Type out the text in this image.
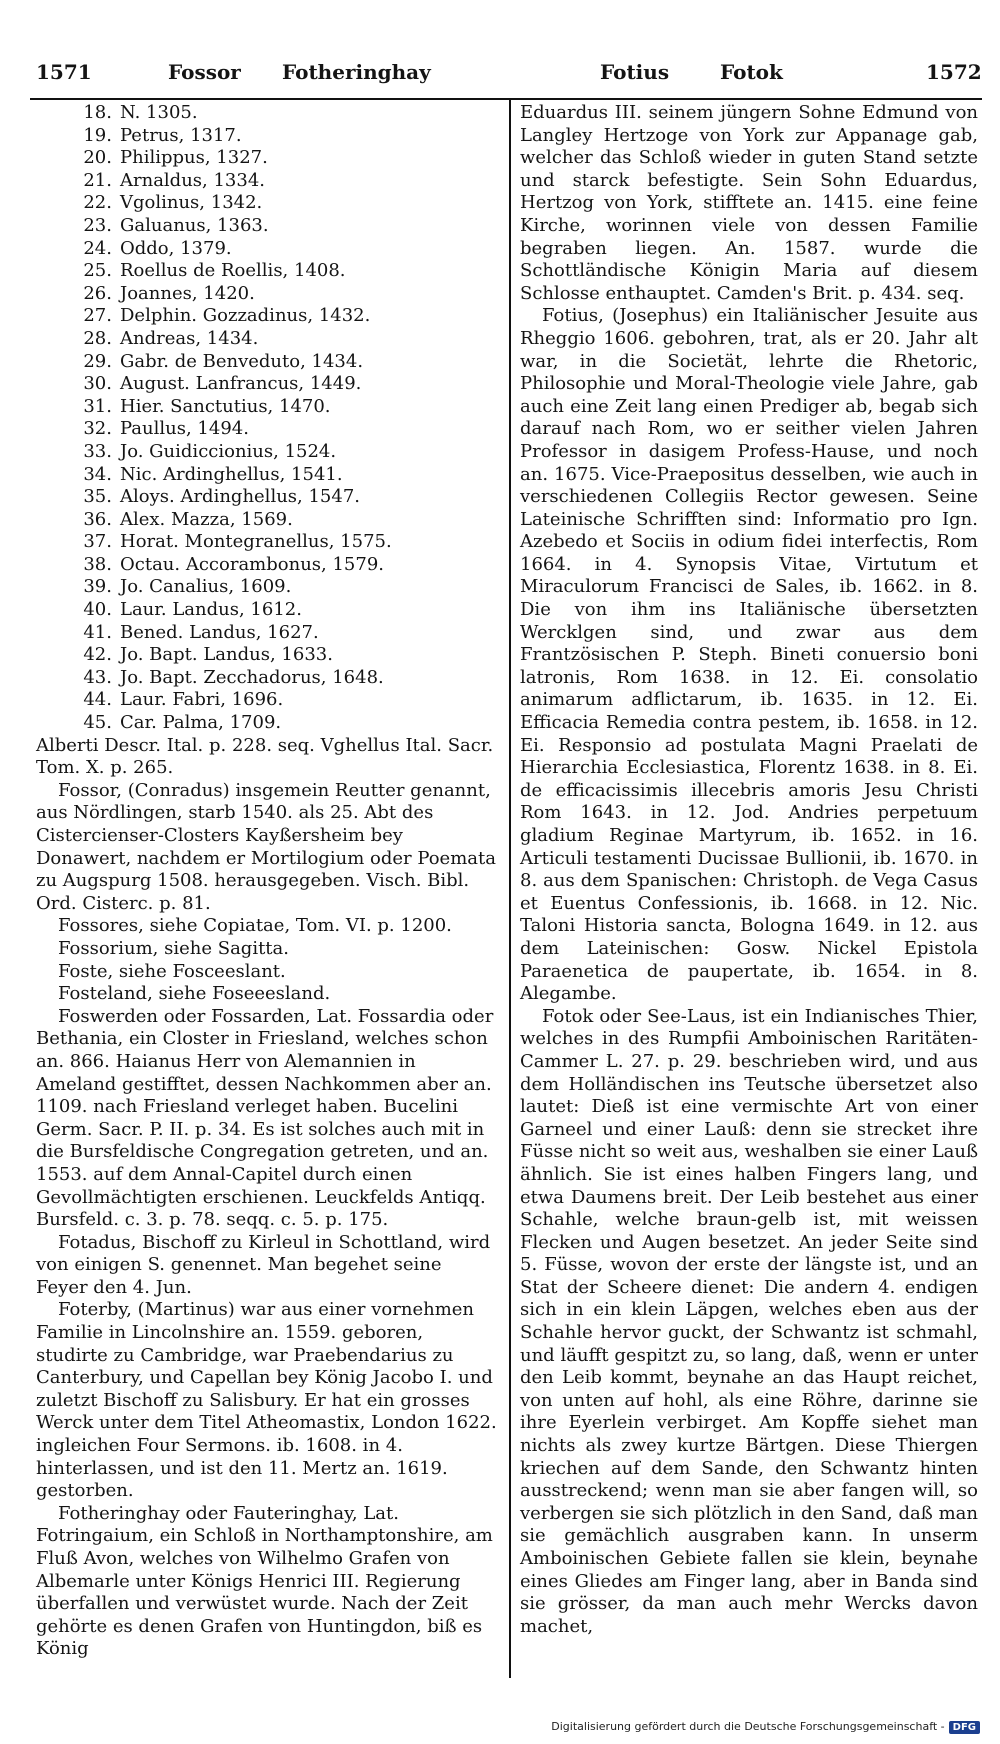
1571	Fossor Fotheringhay	Fotius	Fotok	1572
18. N. 1305.
19. Petrus, 1317.
20. Philippus, 1327.
21. Arnaldus, 1334.
22. Vgolinus, 1342.
23. Galuanus, 1363.
24. Oddo, 1379.
25. Roellus de Roellis, 1408.
26. Joannes, 1420.
27. Delphin. Gozzadinus, 1432.
28. Andreas, 1434.
29. Gabr. de Benveduto, 1434.
30. August. Lanfrancus, 1449.
31. Hier. Sanctutius, 1470.
32. Paullus, 1494.
33. Jo. Guidiccionius, 1524.
34. Nic. Ardinghellus, 1541.
35. Aloys. Ardinghellus, 1547.
36. Alex. Mazza, 1569.
37. Horat. Montegranellus, 1575.
38. Octau. Accorambonus, 1579.
39. Jo. Canalius, 1609.
40. Laur. Landus, 1612.
41. Bened. Landus, 1627.
42. Jo. Bapt. Landus, 1633.
43. Jo. Bapt. Zecchadorus, 1648.
44. Laur. Fabri, 1696.
45. Car. Palma, 1709.

Alberti Descr. Ital. p. 228. seq. Vghellus Ital. Sacr. Tom. X. p. 265.

Fossor, (Conradus) insgemein Reutter genannt, aus Nördlingen, starb 1540. als 25. Abt des Cistercienser-Closters Kayßersheim bey Donawert, nachdem er Mortilogium oder Poemata zu Augspurg 1508. herausgegeben. Visch. Bibl. Ord. Cisterc. p. 81.

Fossores, siehe Copiatae, Tom. VI. p. 1200.

Fossorium, siehe Sagitta.

Foste, siehe Fosceeslant.

Fosteland, siehe Foseeesland.

Foswerden oder Fossarden, Lat. Fossardia oder Bethania, ein Closter in Friesland, welches schon an. 866. Haianus Herr von Alemannien in Ameland gestifftet, dessen Nachkommen aber an. 1109. nach Friesland verleget haben. Bucelini Germ. Sacr. P. II. p. 34. Es ist solches auch mit in die Bursfeldische Congregation getreten, und an. 1553. auf dem Annal-Capitel durch einen Gevollmächtigten erschienen. Leuckfelds Antiqq. Bursfeld. c. 3. p. 78. seqq. c. 5. p. 175.

Fotadus, Bischoff zu Kirleul in Schottland, wird von einigen S. genennet. Man begehet seine Feyer den 4. Jun.

Foterby, (Martinus) war aus einer vornehmen Familie in Lincolnshire an. 1559. geboren, studirte zu Cambridge, war Praebendarius zu Canterbury, und Capellan bey König Jacobo I. und zuletzt Bischoff zu Salisbury. Er hat ein grosses Werck unter dem Titel Atheomastix, London 1622. ingleichen Four Sermons. ib. 1608. in 4. hinterlassen, und ist den 11. Mertz an. 1619. gestorben.

Fotheringhay oder Fauteringhay, Lat. Fotringaium, ein Schloß in Northamptonshire, am Fluß Avon, welches von Wilhelmo Grafen von Albemarle unter Königs Henrici III. Regierung überfallen und verwüstet wurde. Nach der Zeit gehörte es denen Grafen von Huntingdon, biß es König

Eduardus III. seinem jüngern Sohne Edmund von Langley Hertzoge von York zur Appanage gab, welcher das Schloß wieder in guten Stand setzte und starck befestigte. Sein Sohn Eduardus, Hertzog von York, stifftete an. 1415. eine feine Kirche, worinnen viele von dessen Familie begraben liegen. An. 1587. wurde die Schottländische Königin Maria auf diesem Schlosse enthauptet. Camden's Brit. p. 434. seq.

Fotius, (Josephus) ein Italiänischer Jesuite aus Rheggio 1606. gebohren, trat, als er 20. Jahr alt war, in die Societät, lehrte die Rhetoric, Philosophie und Moral-Theologie viele Jahre, gab auch eine Zeit lang einen Prediger ab, begab sich darauf nach Rom, wo er seither vielen Jahren Professor in dasigem Profess-Hause, und noch an. 1675. Vice-Praepositus desselben, wie auch in verschiedenen Collegiis Rector gewesen. Seine Lateinische Schrifften sind: Informatio pro Ign. Azebedo et Sociis in odium fidei interfectis, Rom 1664. in 4. Synopsis Vitae, Virtutum et Miraculorum Francisci de Sales, ib. 1662. in 8. Die von ihm ins Italiänische übersetzten Wercklgen sind, und zwar aus dem Frantzösischen P. Steph. Bineti conuersio boni latronis, Rom 1638. in 12. Ei. consolatio animarum adflictarum, ib. 1635. in 12. Ei. Efficacia Remedia contra pestem, ib. 1658. in 12. Ei. Responsio ad postulata Magni Praelati de Hierarchia Ecclesiastica, Florentz 1638. in 8. Ei. de efficacissimis illecebris amoris Jesu Christi Rom 1643. in 12. Jod. Andries perpetuum gladium Reginae Martyrum, ib. 1652. in 16. Articuli testamenti Ducissae Bullionii, ib. 1670. in 8. aus dem Spanischen: Christoph. de Vega Casus et Euentus Confessionis, ib. 1668. in 12. Nic. Taloni Historia sancta, Bologna 1649. in 12. aus dem Lateinischen: Gosw. Nickel Epistola Paraenetica de paupertate, ib. 1654. in 8. Alegambe.

Fotok oder See-Laus, ist ein Indianisches Thier, welches in des Rumpfii Amboinischen Raritäten-Cammer L. 27. p. 29. beschrieben wird, und aus dem Holländischen ins Teutsche übersetzet also lautet: Dieß ist eine vermischte Art von einer Garneel und einer Lauß: denn sie strecket ihre Füsse nicht so weit aus, weshalben sie einer Lauß ähnlich. Sie ist eines halben Fingers lang, und etwa Daumens breit. Der Leib bestehet aus einer Schahle, welche braun-gelb ist, mit weissen Flecken und Augen besetzet. An jeder Seite sind 5. Füsse, wovon der erste der längste ist, und an Stat der Scheere dienet: Die andern 4. endigen sich in ein klein Läpgen, welches eben aus der Schahle hervor guckt, der Schwantz ist schmahl, und läufft gespitzt zu, so lang, daß, wenn er unter den Leib kommt, beynahe an das Haupt reichet, von unten auf hohl, als eine Röhre, darinne sie ihre Eyerlein verbirget. Am Kopffe siehet man nichts als zwey kurtze Bärtgen. Diese Thiergen kriechen auf dem Sande, den Schwantz hinten ausstreckend; wenn man sie aber fangen will, so verbergen sie sich plötzlich in den Sand, daß man sie gemächlich ausgraben kann. In unserm Amboinischen Gebiete fallen sie klein, beynahe eines Gliedes am Finger lang, aber in Banda sind sie grösser, da man auch mehr Wercks davon machet,

Digitalisierung gefördert durch die Deutsche Forschungsgemeinschaft - DFG
